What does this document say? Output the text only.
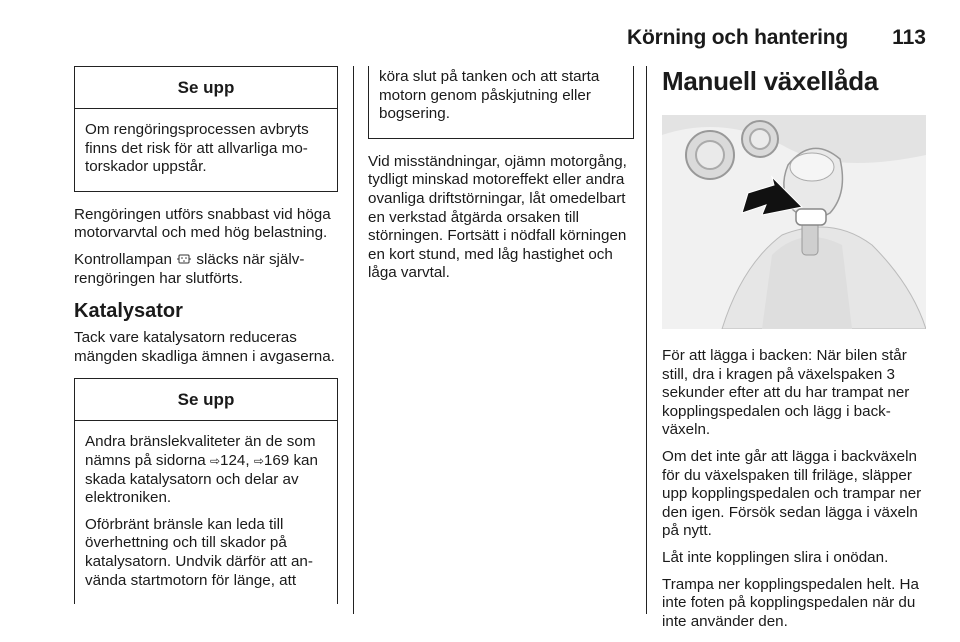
Körning och hantering 113
Se upp

Om rengöringsprocessen avbryts finns det risk för att allvarliga motorskador uppstår.

Rengöringen utförs snabbast vid höga motorvarvtal och med hög belastning.

Kontrollampan  släcks när självrengöringen har slutförts.

Katalysator

Tack vare katalysatorn reduceras mängden skadliga ämnen i avgaserna.

Se upp

Andra bränslekvaliteter än de som nämns på sidorna ⇨124, ⇨169 kan skada katalysatorn och delar av elektroniken.

Oförbränt bränsle kan leda till överhettning och till skador på katalysatorn. Undvik därför att använda startmotorn för länge, att

köra slut på tanken och att starta motorn genom påskjutning eller bogsering.

Vid misständningar, ojämn motorgång, tydligt minskad motoreffekt eller andra ovanliga driftstörningar, låt omedelbart en verkstad åtgärda orsaken till störningen. Fortsätt i nödfall körningen en kort stund, med låg hastighet och låga varvtal.

Manuell växellåda

För att lägga i backen: När bilen står still, dra i kragen på växelspaken 3 sekunder efter att du har trampat ner kopplingspedalen och lägg i backväxeln.

Om det inte går att lägga i backväxeln för du växelspaken till friläge, släpper upp kopplingspedalen och trampar ner den igen. Försök sedan lägga i växeln på nytt.

Låt inte kopplingen slira i onödan.

Trampa ner kopplingspedalen helt. Ha inte foten på kopplingspedalen när du inte använder den.
